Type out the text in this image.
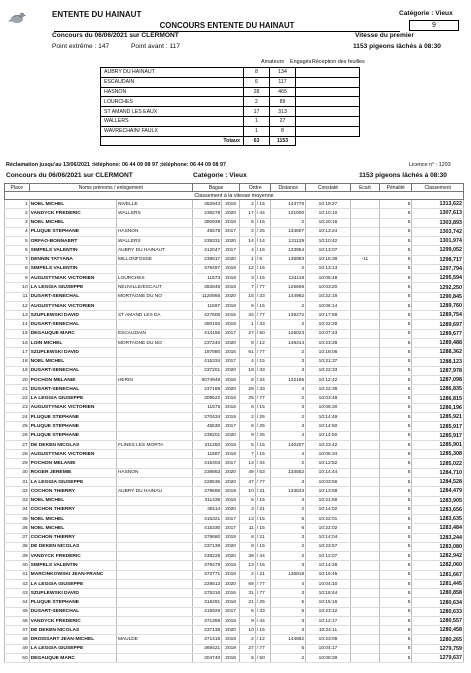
ENTENTE DU HAINAUT	Catégorie : Vieux
CONCOURS ENTENTE DU HAINAUT	9
Concours du 06/06/2021 sur CLERMONT	Vitesse du premier
Point extrême : 147	Point avant : 117	1153 pigeons lâchés à 08:30
Amateurs Engagés Réception des feuilles
AUBRY DU HAINAUT	8	134	
ESCAUDAIN	6	117	
HASNON	28	465	
LOURCHES	2	89	
ST AMAND LES EAUX	17	313	
WALLERS	1	27	
WAVRECHAIN/ FAULX	1	8	
Totaux	63	1153	
Réclamation jusqu'au 13/06/2021 :téléphone: 06 44 09 08 97 ;téléphone: 06 44 09 08 97	Licence n° : 1293
Concours du 06/06/2021 sur CLERMONT	Catégorie : Vieux	1153 pigeons lâchés à 08:30
Place	Noms prénoms / enlogement		Bague		Ordre		Distance	Constaté	Ecart	Pénalité	Classement
Classement à la vitesse moyenne											
1	NOEL MICHEL	NIVELLE	382943	2019	2	/ 15	143776	10:19:27		5	1313,622
2	VANDYCK FREDERIC	WALLERS	238278	2020	17	/ 44	131000	10:10:10		5	1307,613
3	NOEL MICHEL		380939	2019	5	/ 15	2	10:20:16		5	1303,893
4	PLUQUE STEPHANE	HASNON	45578	2017	2	/ 25	134807	10:13:24		5	1303,742
5	ORFAO-BONNAERT	WALLERS	239331	2020	14	/ 14	131129	10:10:42		5	1301,974
6	SIMPELS VALENTIN	AUBRY DU HAINAUT	412047	2017	4	/ 16	133954	10:13:07		5	1299,052
7	DENNIN TATYANA	MILLONFOSSE	238517	2020	1	/ 8	136983	10:15:39	-11	5	1298,717
8	SIMPELS VALENTIN		379497	2019	12	/ 16	2	10:13:13		5	1297,794
9	AUGUSTYNIAK VICTORIEN	LOURCHES	11573	2019	3	/ 15	124118	10:05:48		5	1295,594
10	LA LEGGIA GIUSEPPE	NEUVILLE/ESCAUT	382846	2019	7	/ 77	126606	10:03:20		5	1292,250
11	DUSART-SENECHAL	MORTAGNE DU NO	1120866	2020	15	/ 33	144962	10:22:18		5	1290,845
12	AUGUSTYNIAK VICTORIEN		11597	2019	6	/ 15	2	10:06:14		5	1289,760
13	SZUPLEWSKI DAVID	ST AMAND LES EA	427605	2015	34	/ 77	139272	10:17:59		5	1289,754
14	DUSART-SENECHAL		380193	2019	1	/ 33	2	10:22:29		5	1289,697
15	DEGAUQUE MARC	ESCAUDAIN	414156	2017	27	/ 50	126023	10:07:43		5	1289,677
16	LOIN MICHEL	MORTAGNE DU NO	237240	2020	8	/ 12	146314	10:23:28		5	1289,488
17	SZUPLEWSKI DAVID		187880	2016	61	/ 77	2	10:18:06		5	1288,362
18	NOEL MICHEL		415334	2017	4	/ 15	3	10:21:37		5	1288,123
19	DUSART-SENECHAL		237201	2020	19	/ 33	3	10:22:33		5	1287,978
20	POCHON MELANIE	HERIN	6074949	2018	8	/ 34	132185	10:12:42		5	1287,098
21	DUSART-SENECHAL		237189	2020	29	/ 33	4	10:22:39		5	1286,835
22	LA LEGGIA GIUSEPPE		309522	2018	25	/ 77	2	10:03:48		5	1286,815
23	AUGUSTYNIAK VICTORIEN		11575	2015	6	/ 15	3	10:06:30		5	1286,196
24	PLUQUE STEPHANE		370434	2019	2	/ 25	2	10:14:49		5	1285,921
25	PLUQUE STEPHANE		45530	2017	6	/ 25	3	10:14:50		5	1285,917
26	PLUQUE STEPHANE		239201	2020	9	/ 25	4	10:14:50		5	1285,917
27	DE DEKEN NICOLAS	FLINES LES MORTA	311250	2019	5	/ 15	140207	10:23:42		5	1285,901
28	AUGUSTYNIAK VICTORIEN		11587	2019	7	/ 15	4	10:06:34		5	1285,308
29	POCHON MELANIE		415403	2017	14	/ 34	2	10:12:52		5	1285,022
30	ROGER JEREMIE	HASNON	238863	2020	49	/ 53	134552	10:14:44		5	1284,710
31	LA LEGGIA GIUSEPPE		228535	2020	47	/ 77	3	10:03:56		5	1284,528
32	COCHON THIERRY	AUBRY DU HAINAU	379668	2019	10	/ 21	133543	10:13:58		5	1284,479
33	NOEL MICHEL		311439	2018	6	/ 15	4	10:21:59		5	1283,905
34	COCHON THIERRY		38114	2020	3	/ 21	2	10:14:02		5	1283,656
35	NOEL MICHEL		415321	2017	13	/ 15	5	10:22:01		5	1283,635
36	NOEL MICHEL		415330	2017	11	/ 15	6	10:22:02		5	1283,484
37	COCHON THIERRY		379680	2019	8	/ 21	3	10:14:04		5	1283,244
38	DE DEKEN NICOLAS		237139	2020	8	/ 15	2	10:23:57		5	1283,080
39	VANDYCK FREDERIC		238229	2020	39	/ 44	2	10:12:07		5	1282,942
40	SIMPELS VALENTIN		379479	2019	13	/ 16	3	10:14:29		5	1282,060
41	MARCINKOWSKI JEAN-FRANC		372771	2019	2	/ 21	136818	10:16:45		5	1281,667
42	LA LEGGIA GIUSEPPE		228513	2020	69	/ 77	4	10:04:10		5	1281,445
43	SZUPLEWSKI DAVID		275316	2016	31	/ 77	3	10:18:44		5	1280,858
44	PLUQUE STEPHANE		318291	2018	21	/ 25	5	10:15:16		5	1280,634
45	DUSART-SENECHAL		415929	2017	6	/ 33	5	10:23:12		5	1280,633
46	VANDYCK FREDERIC		371359	2019	9	/ 44	3	10:12:17		5	1280,557
47	DE DEKEN NICOLAS		237138	2020	10	/ 15	3	10:24:11		5	1280,458
48	DROISSART JEAN-MICHEL	MAULDE	371416	2019	2	/ 12	144862	10:23:09		5	1280,265
49	LA LEGGIA GIUSEPPE		369421	2019	27	/ 77	5	10:04:17		5	1279,759
50	DEGAUQUE MARC		304740	2018	5	/ 50	2	10:08:29		5	1279,637
